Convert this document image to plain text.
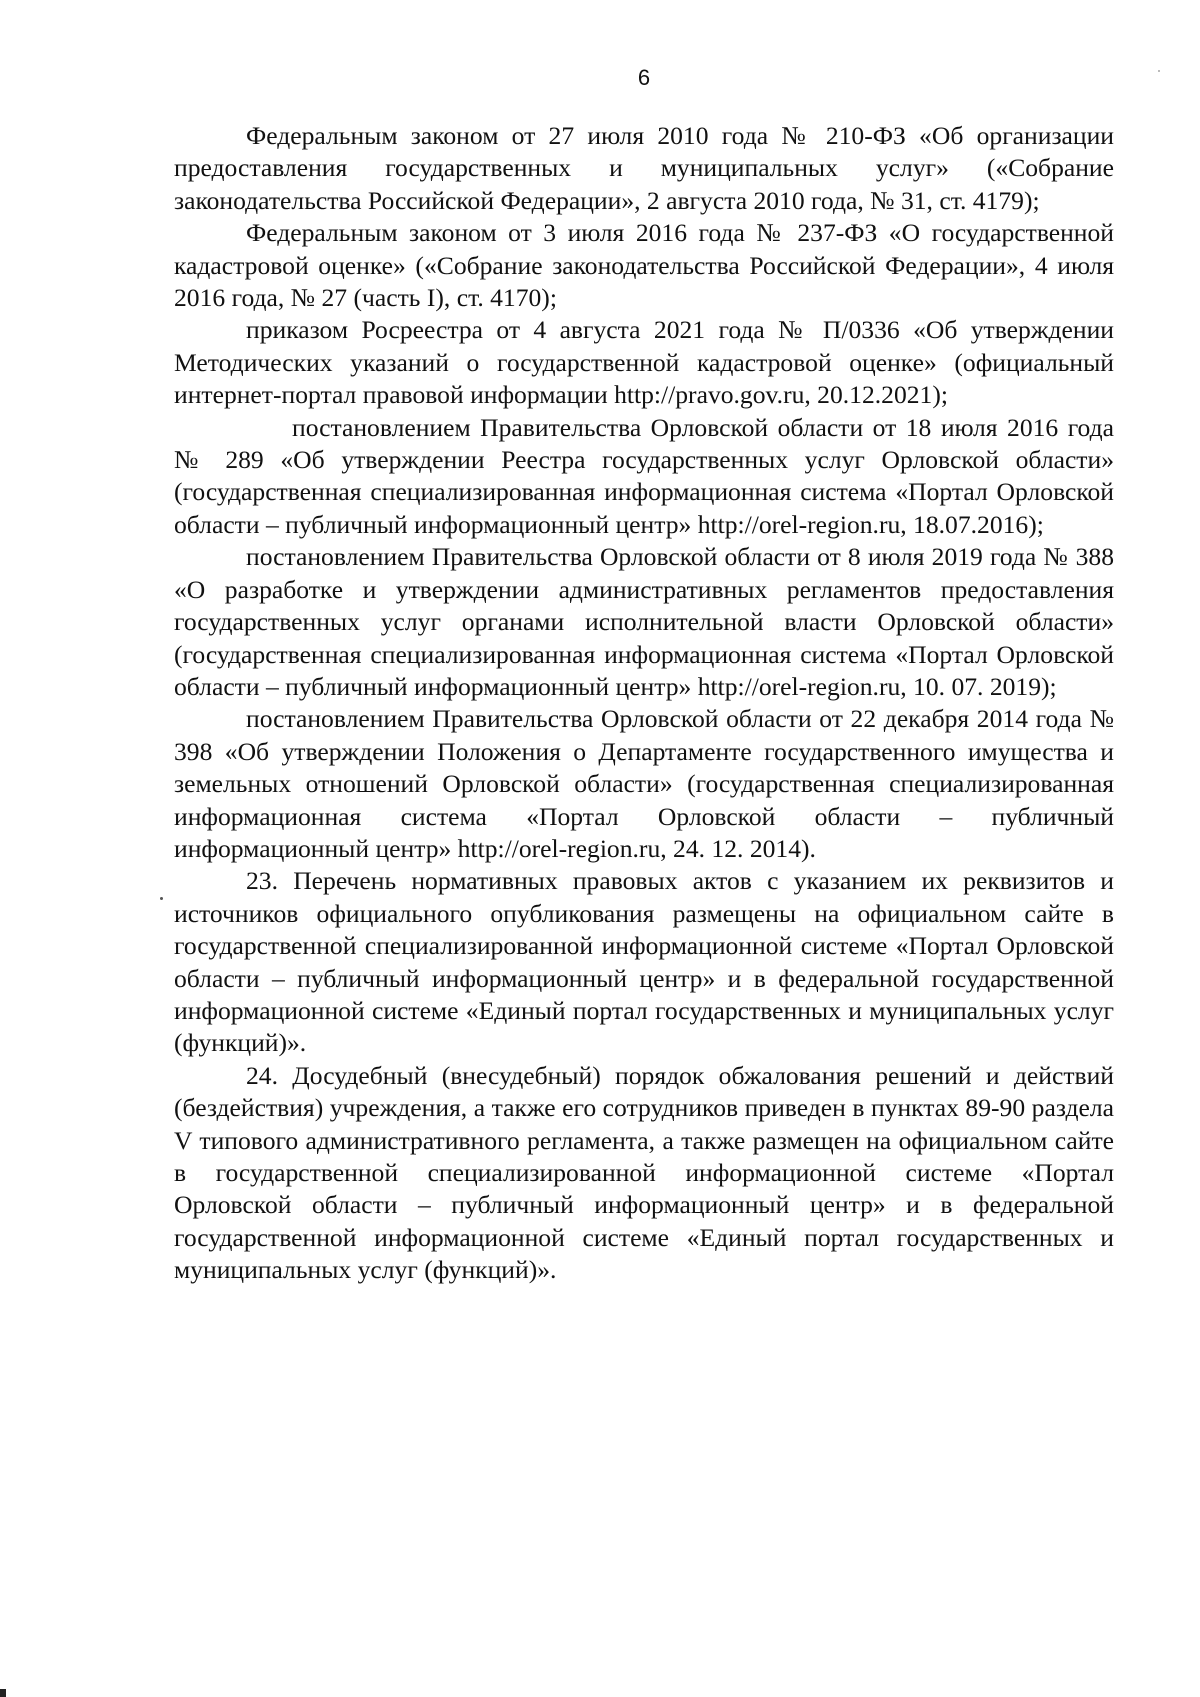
6

Федеральным законом от 27 июля 2010 года № 210-ФЗ «Об организации предоставления государственных и муниципальных услуг» («Собрание законодательства Российской Федерации», 2 августа 2010 года, № 31, ст. 4179);

Федеральным законом от 3 июля 2016 года № 237-ФЗ «О государственной кадастровой оценке» («Собрание законодательства Российской Федерации», 4 июля 2016 года, № 27 (часть I), ст. 4170);

приказом Росреестра от 4 августа 2021 года № П/0336 «Об утверждении Методических указаний о государственной кадастровой оценке» (официальный интернет-портал правовой информации http://pravo.gov.ru, 20.12.2021);

постановлением Правительства Орловской области от 18 июля 2016 года № 289 «Об утверждении Реестра государственных услуг Орловской области» (государственная специализированная информационная система «Портал Орловской области – публичный информационный центр» http://orel-region.ru, 18.07.2016);

постановлением Правительства Орловской области от 8 июля 2019 года № 388 «О разработке и утверждении административных регламентов предоставления государственных услуг органами исполнительной власти Орловской области» (государственная специализированная информационная система «Портал Орловской области – публичный информационный центр» http://orel-region.ru, 10. 07. 2019);

постановлением Правительства Орловской области от 22 декабря 2014 года № 398 «Об утверждении Положения о Департаменте государственного имущества и земельных отношений Орловской области» (государственная специализированная информационная система «Портал Орловской области – публичный информационный центр» http://orel-region.ru, 24. 12. 2014).

23. Перечень нормативных правовых актов с указанием их реквизитов и источников официального опубликования размещены на официальном сайте в государственной специализированной информационной системе «Портал Орловской области – публичный информационный центр» и в федеральной государственной информационной системе «Единый портал государственных и муниципальных услуг (функций)».

24. Досудебный (внесудебный) порядок обжалования решений и действий (бездействия) учреждения, а также его сотрудников приведен в пунктах 89-90 раздела V типового административного регламента, а также размещен на официальном сайте в государственной специализированной информационной системе «Портал Орловской области – публичный информационный центр» и в федеральной государственной информационной системе «Единый портал государственных и муниципальных услуг (функций)».
